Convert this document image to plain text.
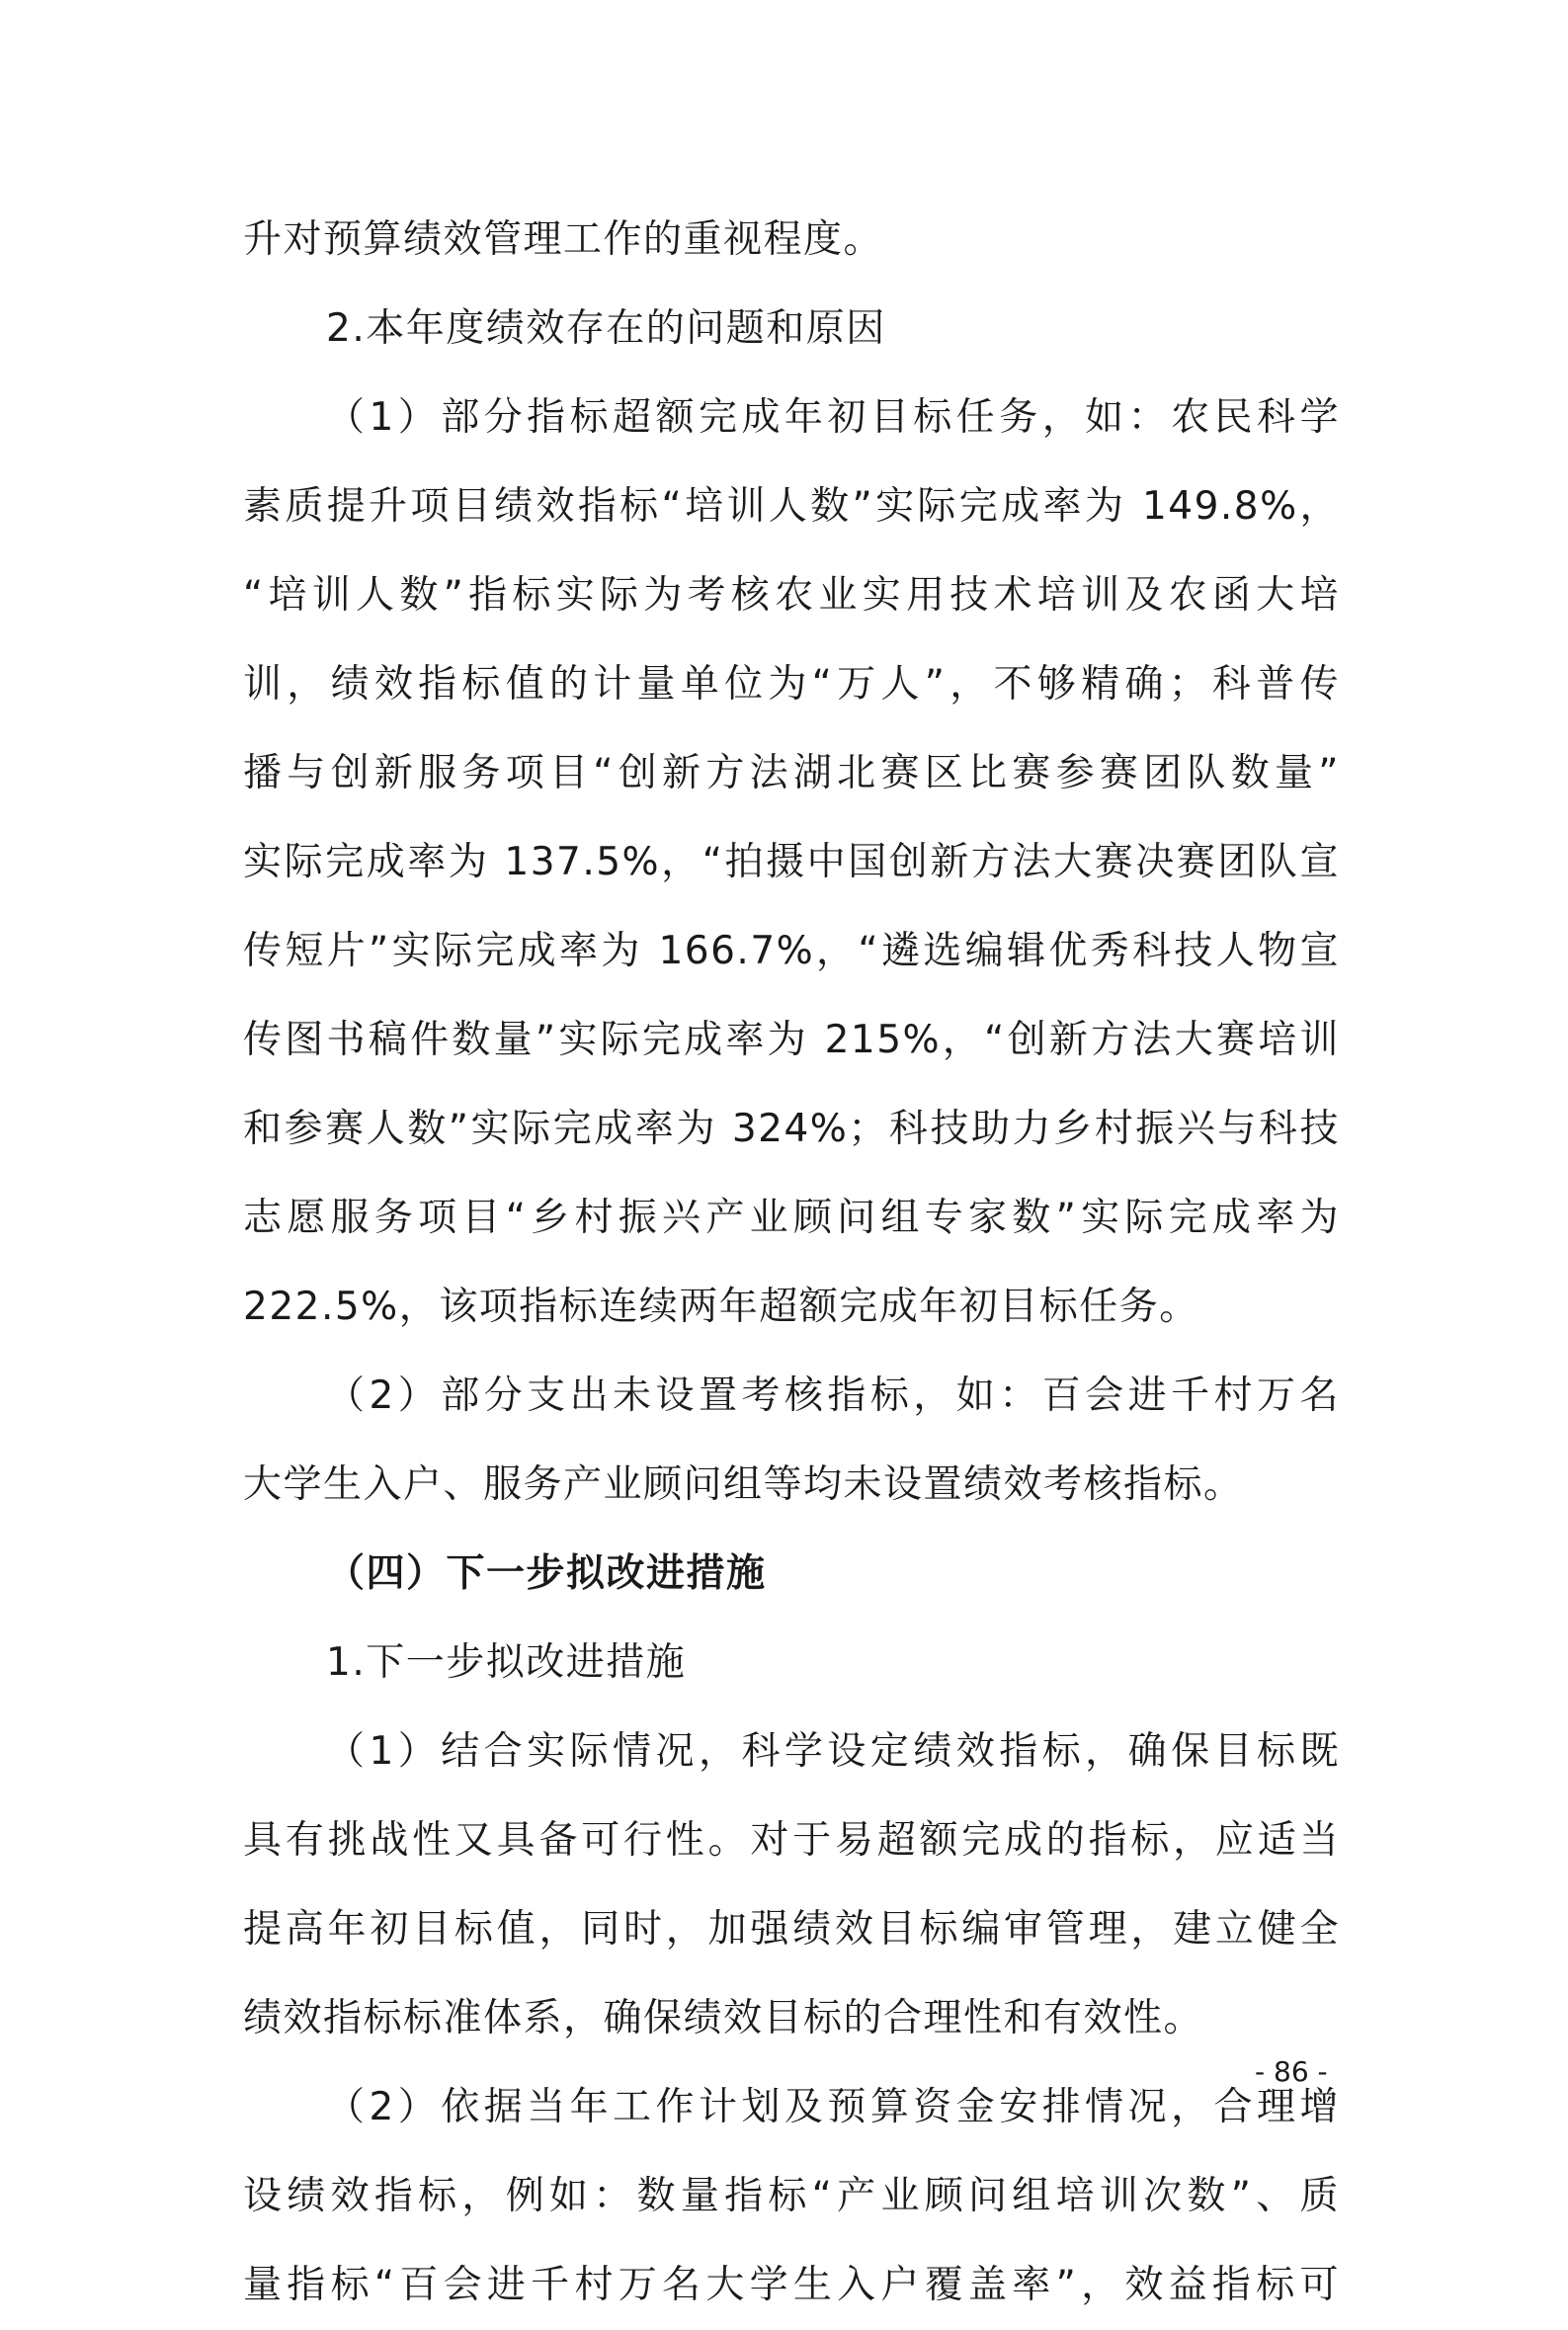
升对预算绩效管理工作的重视程度。
2.本年度绩效存在的问题和原因
（1）部分指标超额完成年初目标任务，如：农民科学
素质提升项目绩效指标“培训人数”实际完成率为 149.8%，
“培训人数”指标实际为考核农业实用技术培训及农函大培
训，绩效指标值的计量单位为“万人”，不够精确；科普传
播与创新服务项目“创新方法湖北赛区比赛参赛团队数量”
实际完成率为 137.5%，“拍摄中国创新方法大赛决赛团队宣
传短片”实际完成率为 166.7%，“遴选编辑优秀科技人物宣
传图书稿件数量”实际完成率为 215%，“创新方法大赛培训
和参赛人数”实际完成率为 324%；科技助力乡村振兴与科技
志愿服务项目“乡村振兴产业顾问组专家数”实际完成率为
222.5%，该项指标连续两年超额完成年初目标任务。
（2）部分支出未设置考核指标，如：百会进千村万名
大学生入户、服务产业顾问组等均未设置绩效考核指标。
（四）下一步拟改进措施
1.下一步拟改进措施
（1）结合实际情况，科学设定绩效指标，确保目标既
具有挑战性又具备可行性。对于易超额完成的指标，应适当
提高年初目标值，同时，加强绩效目标编审管理，建立健全
绩效指标标准体系，确保绩效目标的合理性和有效性。
（2）依据当年工作计划及预算资金安排情况，合理增
设绩效指标，例如：数量指标“产业顾问组培训次数”、质
量指标“百会进千村万名大学生入户覆盖率”，效益指标可
- 86 -
